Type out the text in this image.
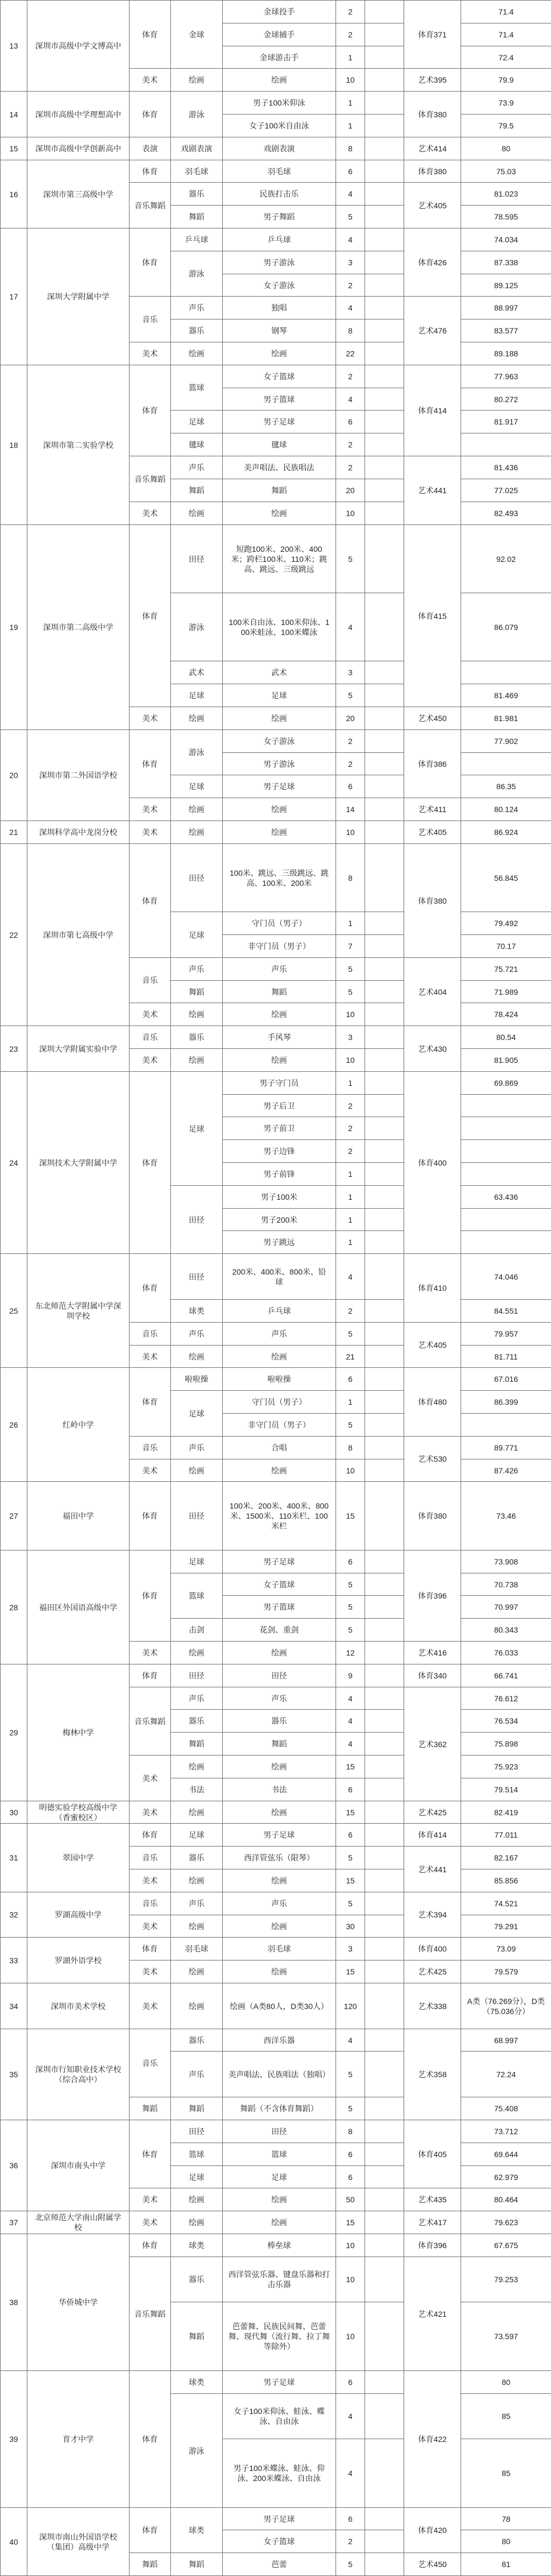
13	深圳市高级中学文博高中	体育	金球	金球投手	2		体育371	71.4
				金球捕手	2			71.4
				金球游击手	1			72.4
		美术	绘画	绘画	10		艺术395	79.9
14	深圳市高级中学理想高中	体育	游泳	男子100米仰泳	1		体育380	73.9
				女子100米自由泳	1			79.5
15	深圳市高级中学创新高中	表演	戏剧表演	戏剧表演	8		艺术414	80
16	深圳市第三高级中学	体育	羽毛球	羽毛球	6		体育380	75.03
		音乐舞蹈	器乐	民族打击乐	4		艺术405	81.023
			舞蹈	男子舞蹈	5			78.595
17	深圳大学附属中学	体育	乒乓球	乒乓球	4		体育426	74.034
			游泳	男子游泳	3			87.338
				女子游泳	2			89.125
		音乐	声乐	独唱	4		艺术476	88.997
			器乐	钢琴	8			83.577
		美术	绘画	绘画	22			89.188
18	深圳市第二实验学校	体育	篮球	女子篮球	2		体育414	77.963
				男子篮球	4			80.272
			足球	男子足球	6			81.917
			毽球	毽球	2			
		音乐舞蹈	声乐	美声唱法、民族唱法	2		艺术441	81.436
			舞蹈	舞蹈	20			77.025
		美术	绘画	绘画	10			82.493
19	深圳市第二高级中学	体育	田径	短跑100米、200米、400米；跨栏100米、110米；跳高、跳远、三级跳远	5		体育415	92.02
			游泳	100米自由泳、100米仰泳、100米蛙泳、100米蝶泳	4			86.079
			武术	武术	3			
			足球	足球	5			81.469
		美术	绘画	绘画	20		艺术450	81.981
20	深圳市第二外国语学校	体育	游泳	女子游泳	2		体育386	77.902
				男子游泳	2			
			足球	男子足球	6			86.35
		美术	绘画	绘画	14		艺术411	80.124
21	深圳科学高中龙岗分校	美术	绘画	绘画	10		艺术405	86.924
22	深圳市第七高级中学	体育	田径	100米、跳远、三级跳远、跳高、100米、200米	8		体育380	56.845
			足球	守门员（男子）	1			79.492
				非守门员（男子）	7			70.17
		音乐	声乐	声乐	5		艺术404	75.721
			舞蹈	舞蹈	5			71.989
		美术	绘画	绘画	10			78.424
23	深圳大学附属实验中学	音乐	器乐	手风琴	3		艺术430	80.54
		美术	绘画	绘画	10			81.905
24	深圳技术大学附属中学	体育	足球	男子守门员	1		体育400	69.869
				男子后卫	2			
				男子前卫	2			
				男子边锋	2			
				男子前锋	1			
			田径	男子100米	1			63.436
				男子200米	1			
				男子跳远	1			
25	东北师范大学附属中学深圳学校	体育	田径	200米、400米、800米、铅球	4		体育410	74.046
			球类	乒乓球	2			84.551
		音乐	声乐	声乐	5		艺术405	79.957
		美术	绘画	绘画	21			81.711
26	红岭中学	体育	啦啦操	啦啦操	6		体育480	67.016
			足球	守门员（男子）	1			86.399
				非守门员（男子）	5			
		音乐	声乐	合唱	8		艺术530	89.771
		美术	绘画	绘画	10			87.426
27	福田中学	体育	田径	100米、200米、400米、800米、1500米、110米栏、100米栏	15		体育380	73.46
28	福田区外国语高级中学	体育	足球	男子足球	6		体育396	73.908
			篮球	女子篮球	5			70.738
				男子篮球	5			70.997
			击剑	花剑、重剑	5			80.343
		美术	绘画	绘画	12		艺术416	76.033
29	梅林中学	体育	田径	田径	9		体育340	66.741
		音乐舞蹈	声乐	声乐	4		艺术362	76.612
			器乐	器乐	4			76.534
			舞蹈	舞蹈	4			75.898
		美术	绘画	绘画	15			75.923
			书法	书法	6			79.514
30	明德实验学校高级中学（香蜜校区）	美术	绘画	绘画	15		艺术425	82.419
31	翠园中学	体育	足球	男子足球	6		体育414	77.011
		音乐	器乐	西洋管弦乐（限琴）	5		艺术441	82.167
		美术	绘画	绘画	15			85.856
32	罗湖高级中学	音乐	声乐	声乐	5		艺术394	74.521
		美术	绘画	绘画	30			79.291
33	罗湖外语学校	体育	羽毛球	羽毛球	3		体育400	73.09
		美术	绘画	绘画	15		艺术425	79.579
34	深圳市美术学校	美术	绘画	绘画（A类80人，D类30人）	120		艺术338	A类（76.269分），D类（75.036分）
35	深圳市行知职业技术学校（综合高中）	音乐	器乐	西洋乐器	4		艺术358	68.997
			声乐	美声唱法、民族唱法（独唱）	5			72.24
		舞蹈	舞蹈	舞蹈（不含体育舞蹈）	5			75.408
36	深圳市南头中学	体育	田径	田径	8		体育405	73.712
			篮球	篮球	6			69.644
			足球	足球	6			62.979
		美术	绘画	绘画	50		艺术435	80.464
37	北京师范大学南山附属学校	美术	绘画	绘画	15		艺术417	79.623
38	华侨城中学	体育	球类	棒垒球	10		体育396	67.675
		音乐舞蹈	器乐	西洋管弦乐器、键盘乐器和打击乐器	10		艺术421	79.253
			舞蹈	芭蕾舞、民族民间舞、芭蕾舞、现代舞（流行舞、拉丁舞等除外）	10			73.597
39	育才中学	体育	球类	男子足球	6		体育422	80
			游泳	女子100米仰泳、蛙泳、蝶泳、自由泳	4			85
				男子100米蝶泳、蛙泳、仰泳、200米蝶泳、自由泳	4			85
40	深圳市南山外国语学校（集团）高级中学	体育	球类	男子足球	6		体育420	78
				女子篮球	2			80
		舞蹈	舞蹈	芭蕾	5		艺术450	81
